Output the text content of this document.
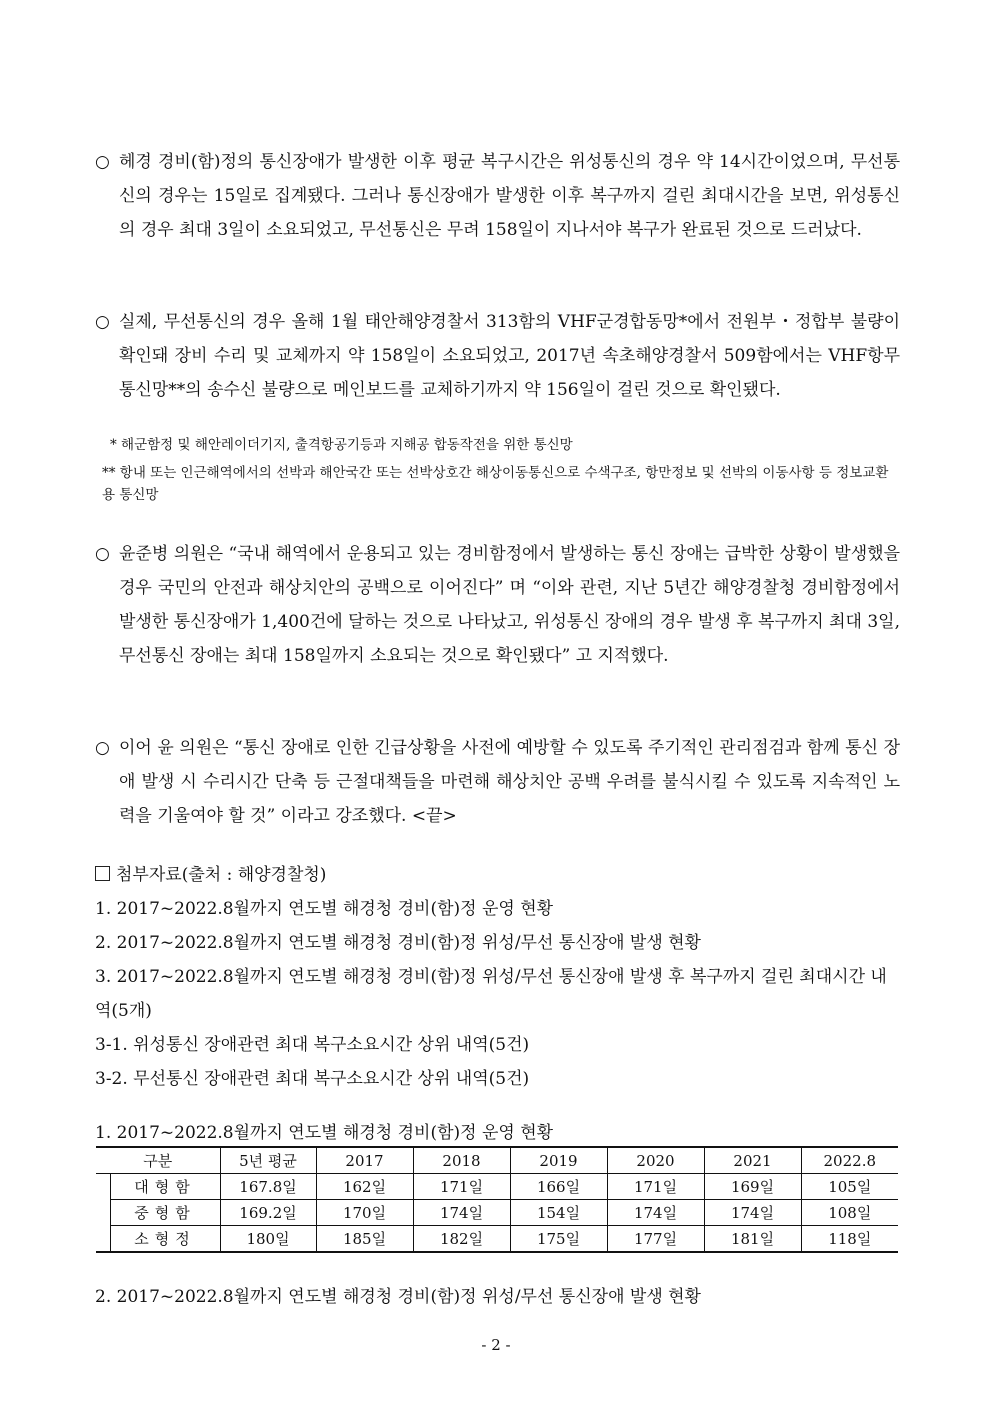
○ 헤경 경비(함)정의 통신장애가 발생한 이후 평균 복구시간은 위성통신의 경우 약 14시간이었으며, 무선통신의 경우는 15일로 집계됐다. 그러나 통신장애가 발생한 이후 복구까지 걸린 최대시간을 보면, 위성통신의 경우 최대 3일이 소요되었고, 무선통신은 무려 158일이 지나서야 복구가 완료된 것으로 드러났다.
○ 실제, 무선통신의 경우 올해 1월 태안해양경찰서 313함의 VHF군경합동망*에서 전원부・정합부 불량이 확인돼 장비 수리 및 교체까지 약 158일이 소요되었고, 2017년 속초해양경찰서 509함에서는 VHF항무통신망**의 송수신 불량으로 메인보드를 교체하기까지 약 156일이 걸린 것으로 확인됐다.
* 해군함정 및 해안레이더기지, 출격항공기등과 지해공 합동작전을 위한 통신망
** 항내 또는 인근해역에서의 선박과 해안국간 또는 선박상호간 해상이동통신으로 수색구조, 항만정보 및 선박의 이동사항 등 정보교환용 통신망
○ 윤준병 의원은 “국내 해역에서 운용되고 있는 경비함정에서 발생하는 통신 장애는 급박한 상황이 발생했을 경우 국민의 안전과 해상치안의 공백으로 이어진다” 며 “이와 관련, 지난 5년간 해양경찰청 경비함정에서 발생한 통신장애가 1,400건에 달하는 것으로 나타났고, 위성통신 장애의 경우 발생 후 복구까지 최대 3일, 무선통신 장애는 최대 158일까지 소요되는 것으로 확인됐다” 고 지적했다.
○ 이어 윤 의원은 “통신 장애로 인한 긴급상황을 사전에 예방할 수 있도록 주기적인 관리점검과 함께 통신 장애 발생 시 수리시간 단축 등 근절대책들을 마련해 해상치안 공백 우려를 불식시킬 수 있도록 지속적인 노력을 기울여야 할 것” 이라고 강조했다. <끝>
첨부자료(출처 : 해양경찰청)
1. 2017~2022.8월까지 연도별 해경청 경비(함)정 운영 현황
2. 2017~2022.8월까지 연도별 해경청 경비(함)정 위성/무선 통신장애 발생 현황
3. 2017~2022.8월까지 연도별 해경청 경비(함)정 위성/무선 통신장애 발생 후 복구까지 걸린 최대시간 내역(5개)
3-1. 위성통신 장애관련 최대 복구소요시간 상위 내역(5건)
3-2. 무선통신 장애관련 최대 복구소요시간 상위 내역(5건)
1. 2017~2022.8월까지 연도별 해경청 경비(함)정 운영 현황
구분		5년 평균	2017	2018	2019	2020	2021	2022.8
	대형함	167.8일	162일	171일	166일	171일	169일	105일
	중형함	169.2일	170일	174일	154일	174일	174일	108일
	소형정	180일	185일	182일	175일	177일	181일	118일
2. 2017~2022.8월까지 연도별 해경청 경비(함)정 위성/무선 통신장애 발생 현황
- 2 -
